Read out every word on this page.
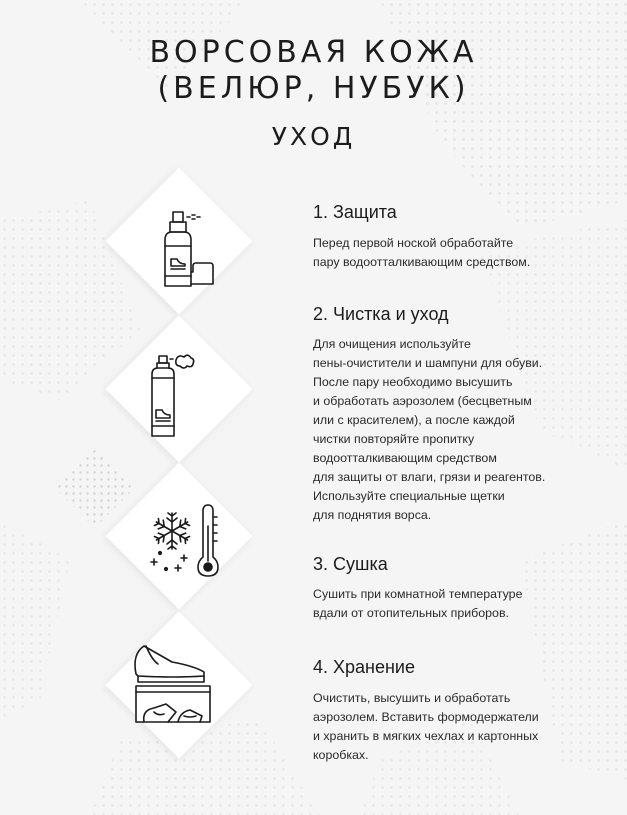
ВОРСОВАЯ КОЖА
(ВЕЛЮР, НУБУК)
УХОД
1. Защита

Перед первой ноской обработайте
пару водоотталкивающим средством.

2. Чистка и уход

Для очищения используйте
пены-очистители и шампуни для обуви.
После пару необходимо высушить
и обработать аэрозолем (бесцветным
или с красителем), а после каждой
чистки повторяйте пропитку
водоотталкивающим средством
для защиты от влаги, грязи и реагентов.
Используйте специальные щетки
для поднятия ворса.

3. Сушка

Сушить при комнатной температуре
вдали от отопительных приборов.

4. Хранение

Очистить, высушить и обработать
аэрозолем. Вставить формодержатели
и хранить в мягких чехлах и картонных
коробках.
